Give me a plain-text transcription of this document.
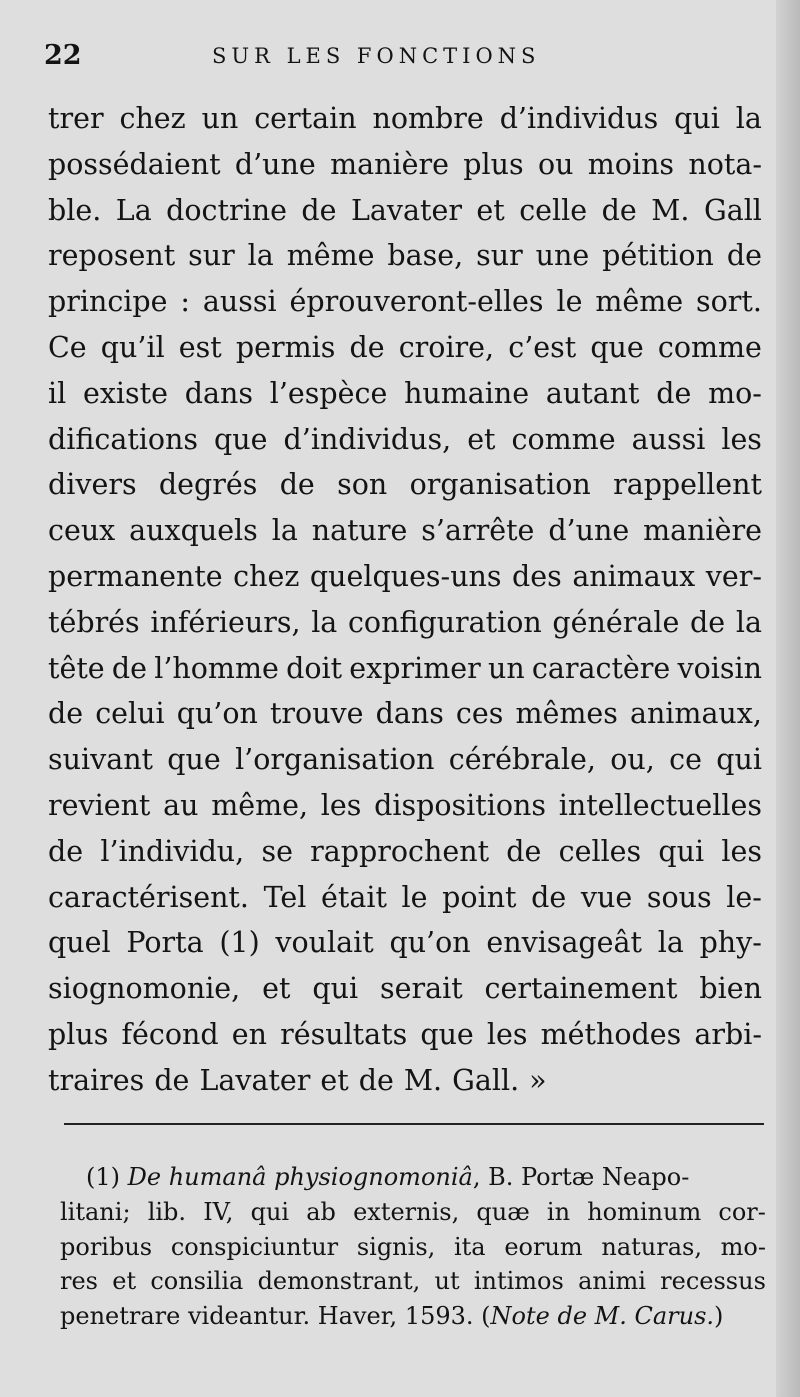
22	SUR LES FONCTIONS
trer chez un certain nombre d’individus qui la
possédaient d’une manière plus ou moins nota-
ble. La doctrine de Lavater et celle de M. Gall
reposent sur la même base, sur une pétition de
principe : aussi éprouveront-elles le même sort.
Ce qu’il est permis de croire, c’est que comme
il existe dans l’espèce humaine autant de mo-
difications que d’individus, et comme aussi les
divers degrés de son organisation rappellent
ceux auxquels la nature s’arrête d’une manière
permanente chez quelques-uns des animaux ver-
tébrés inférieurs, la configuration générale de la
tête de l’homme doit exprimer un caractère voisin
de celui qu’on trouve dans ces mêmes animaux,
suivant que l’organisation cérébrale, ou, ce qui
revient au même, les dispositions intellectuelles
de l’individu, se rapprochent de celles qui les
caractérisent. Tel était le point de vue sous le-
quel Porta (1) voulait qu’on envisageât la phy-
siognomonie, et qui serait certainement bien
plus fécond en résultats que les méthodes arbi-
traires de Lavater et de M. Gall. »
(1) De humanâ physiognomoniâ, B. Portæ Neapo-
litani; lib. IV, qui ab externis, quæ in hominum cor-
poribus conspiciuntur signis, ita eorum naturas, mo-
res et consilia demonstrant, ut intimos animi recessus
penetrare videantur. Haver, 1593. (Note de M. Carus.)
